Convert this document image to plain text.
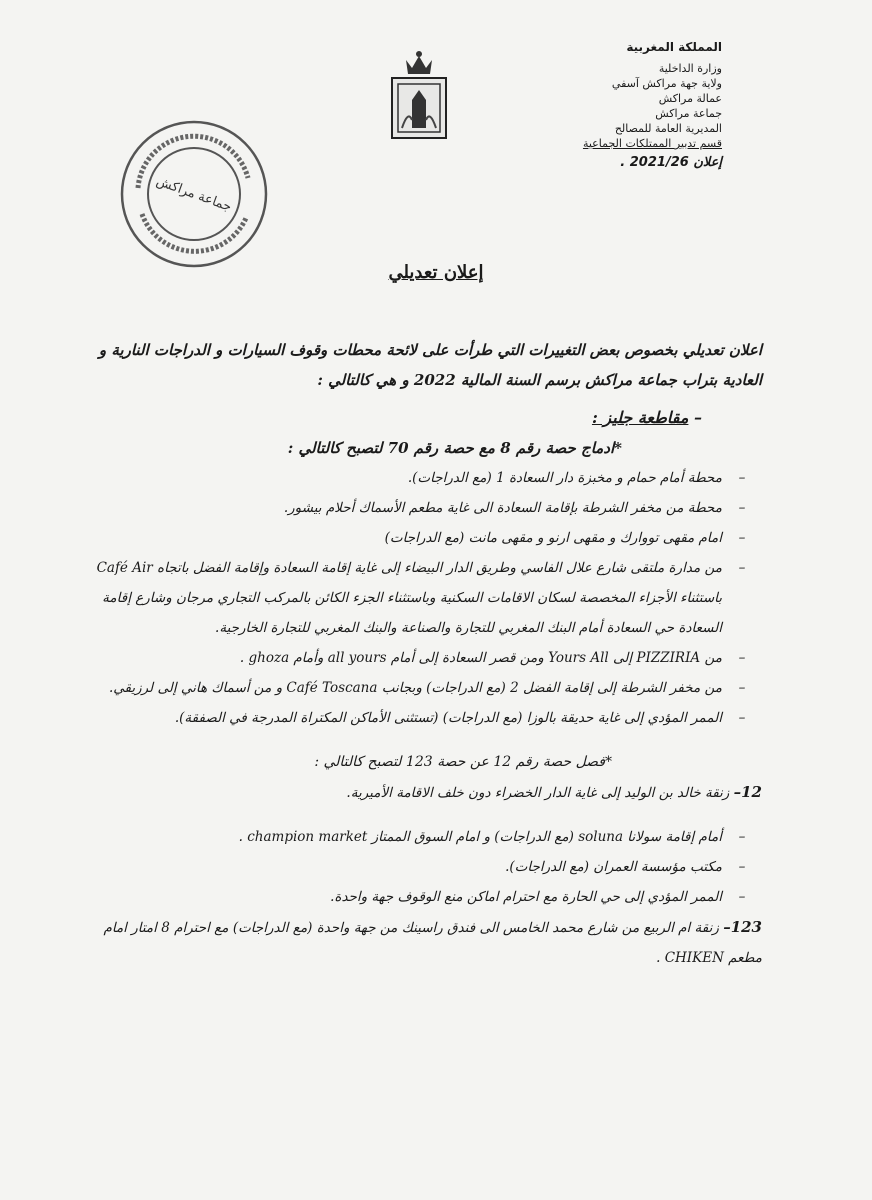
المملكة المغربية
وزارة الداخلية
ولاية جهة مراكش آسفي
عمالة مراكش
جماعة مراكش
المديرية العامة للمصالح
قسم تدبير الممتلكات الجماعية
إعلان 2021/26 .
جماعة مراكش
إعلان تعديلي
اعلان تعديلي بخصوص بعض التغييرات التي طرأت على لائحة محطات وقوف السيارات و الدراجات النارية و العادية بتراب جماعة مراكش برسم السنة المالية 2022 و هي كالتالي :
– مقاطعة جليز :
*ادماج حصة رقم 8 مع حصة رقم 70 لتصبح كالتالي :
–
محطة أمام حمام و مخبزة دار السعادة 1 (مع الدراجات).
–
محطة من مخفر الشرطة بإقامة السعادة الى غاية مطعم الأسماك أحلام بيشور.
–
امام مقهى تووارك و مقهى ارنو و مقهى مانت (مع الدراجات)
–
من مدارة ملتقى شارع علال الفاسي وطريق الدار البيضاء إلى غاية إقامة السعادة وإقامة الفضل باتجاه Café Air باستثناء الأجزاء المخصصة لسكان الاقامات السكنية وباستثناء الجزء الكائن بالمركب التجاري مرجان وشارع إقامة السعادة حي السعادة أمام البنك المغربي للتجارة والصناعة والبنك المغربي للتجارة الخارجية.
–
من PIZZIRIA إلى Yours All ومن قصر السعادة إلى أمام all yours وأمام ghoza .
–
من مخفر الشرطة إلى إقامة الفضل 2 (مع الدراجات) وبجانب Café Toscana و من أسماك هاني إلى لرزيقي.
–
الممر المؤدي إلى غاية حديقة بالوزا (مع الدراجات) (تستثنى الأماكن المكتراة المدرجة في الصفقة).
*فصل حصة رقم 12 عن حصة 123 لتصبح كالتالي :
12– زنقة خالد بن الوليد إلى غاية الدار الخضراء دون خلف الاقامة الأميرية.
–
أمام إقامة سولانا soluna (مع الدراجات) و امام السوق الممتاز champion market .
–
مكتب مؤسسة العمران (مع الدراجات).
–
الممر المؤدي إلى حي الحارة مع احترام اماكن منع الوقوف جهة واحدة.
123– زنقة ام الربيع من شارع محمد الخامس الى فندق راسينك من جهة واحدة (مع الدراجات) مع احترام 8 امتار امام مطعم CHIKEN .
